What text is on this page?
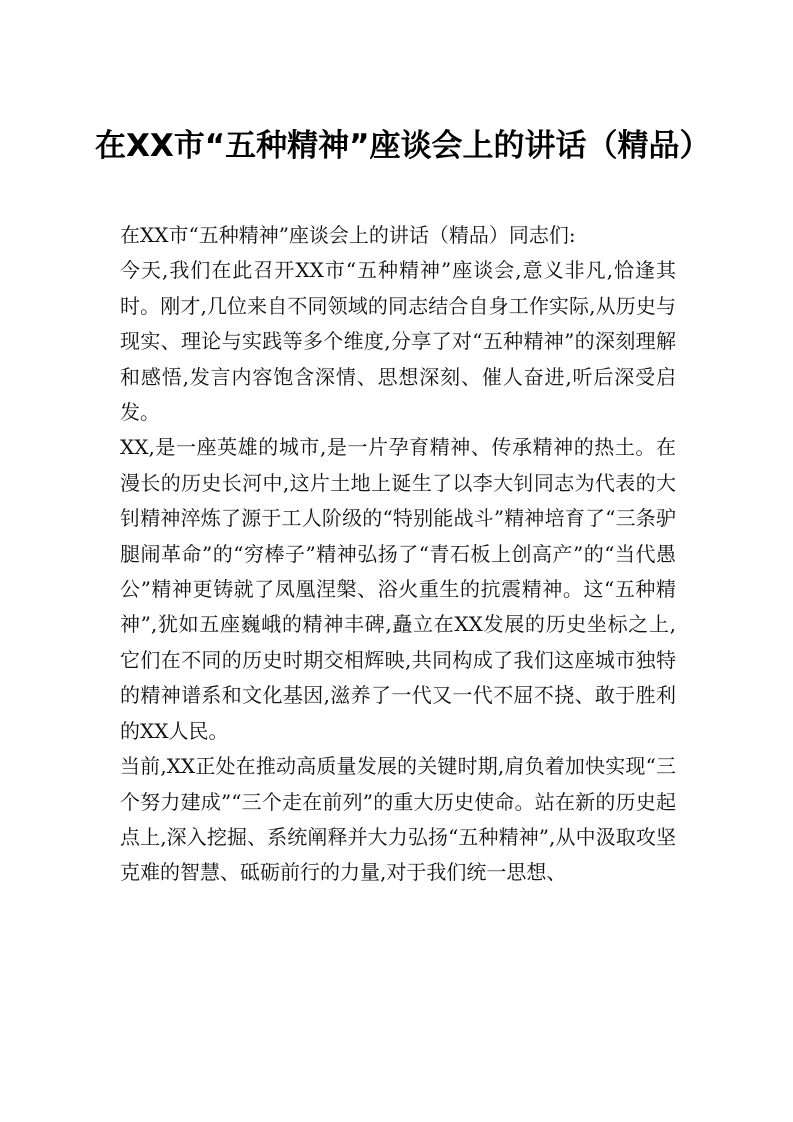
在XX市“五种精神”座谈会上的讲话（精品）

在XX市“五种精神”座谈会上的讲话（精品）同志们:

今天,我们在此召开XX市“五种精神”座谈会,意义非凡,恰逢其时。刚才,几位来自不同领域的同志结合自身工作实际,从历史与现实、理论与实践等多个维度,分享了对“五种精神”的深刻理解和感悟,发言内容饱含深情、思想深刻、催人奋进,听后深受启发。

XX,是一座英雄的城市,是一片孕育精神、传承精神的热土。在漫长的历史长河中,这片土地上诞生了以李大钊同志为代表的大钊精神淬炼了源于工人阶级的“特别能战斗”精神培育了“三条驴腿闹革命”的“穷棒子”精神弘扬了“青石板上创高产”的“当代愚公”精神更铸就了凤凰涅槃、浴火重生的抗震精神。这“五种精神”,犹如五座巍峨的精神丰碑,矗立在XX发展的历史坐标之上,它们在不同的历史时期交相辉映,共同构成了我们这座城市独特的精神谱系和文化基因,滋养了一代又一代不屈不挠、敢于胜利的XX人民。

当前,XX正处在推动高质量发展的关键时期,肩负着加快实现“三个努力建成”“三个走在前列”的重大历史使命。站在新的历史起点上,深入挖掘、系统阐释并大力弘扬“五种精神”,从中汲取攻坚克难的智慧、砥砺前行的力量,对于我们统一思想、
